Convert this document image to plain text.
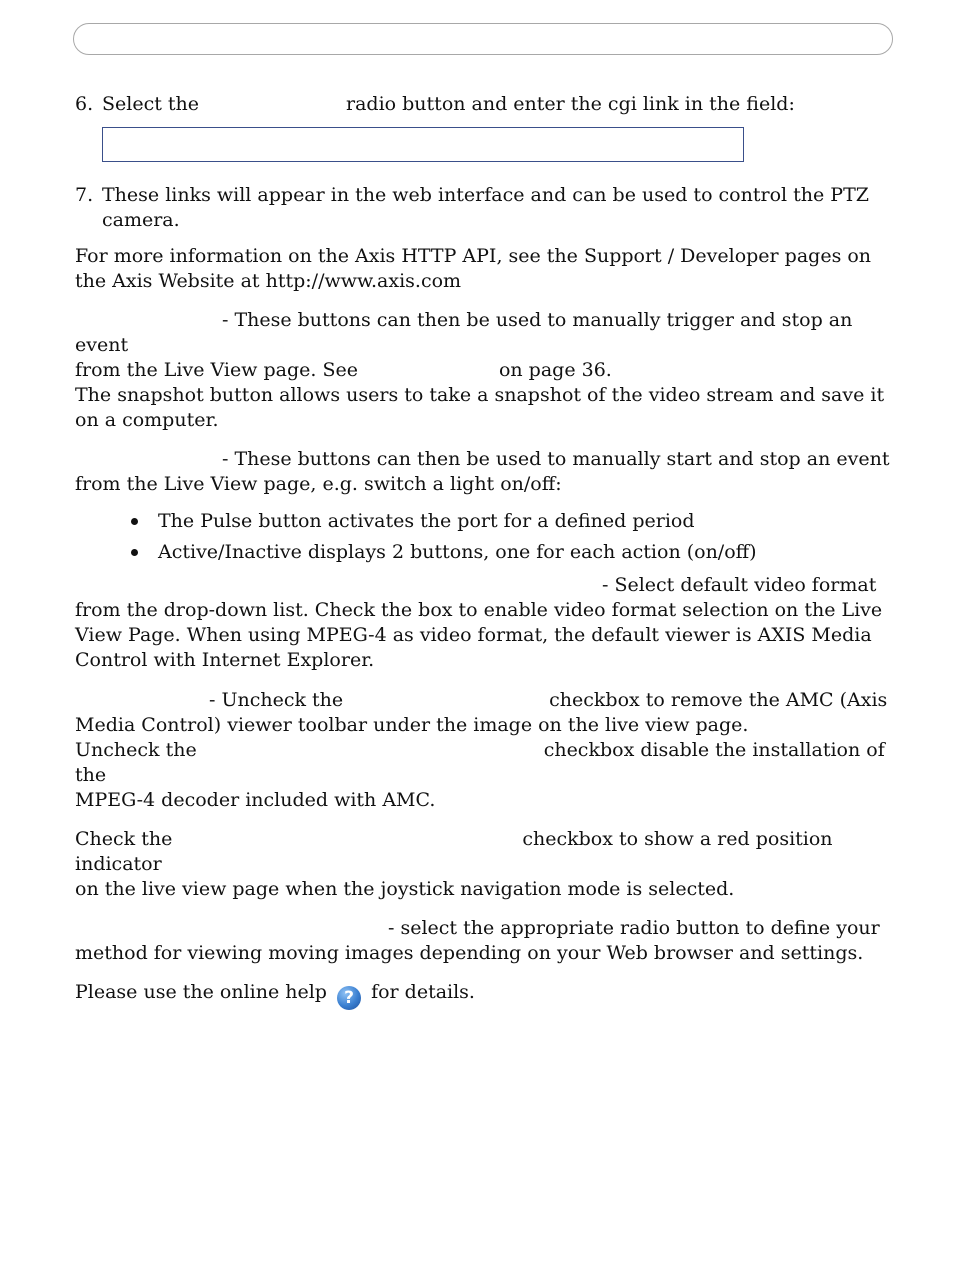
6. Select the	radio button and enter the cgi link in the field:
7. These links will appear in the web interface and can be used to control the PTZ camera.

For more information on the Axis HTTP API, see the Support / Developer pages on the Axis Website at http://www.axis.com

- These buttons can then be used to manually trigger and stop an event
from the Live View page. See	on page 36.
The snapshot button allows users to take a snapshot of the video stream and save it on a computer.

- These buttons can then be used to manually start and stop an event from the Live View page, e.g. switch a light on/off:

The Pulse button activates the port for a defined period
Active/Inactive displays 2 buttons, one for each action (on/off)

- Select default video format
from the drop-down list. Check the box to enable video format selection on the Live View Page. When using MPEG-4 as video format, the default viewer is AXIS Media Control with Internet Explorer.

- Uncheck the	checkbox to remove the AMC (Axis
Media Control) viewer toolbar under the image on the live view page.
Uncheck the	checkbox disable the installation of the
MPEG-4 decoder included with AMC.

Check the	checkbox to show a red position indicator
on the live view page when the joystick navigation mode is selected.

- select the appropriate radio button to define your
method for viewing moving images depending on your Web browser and settings.

Please use the online help ? for details.
